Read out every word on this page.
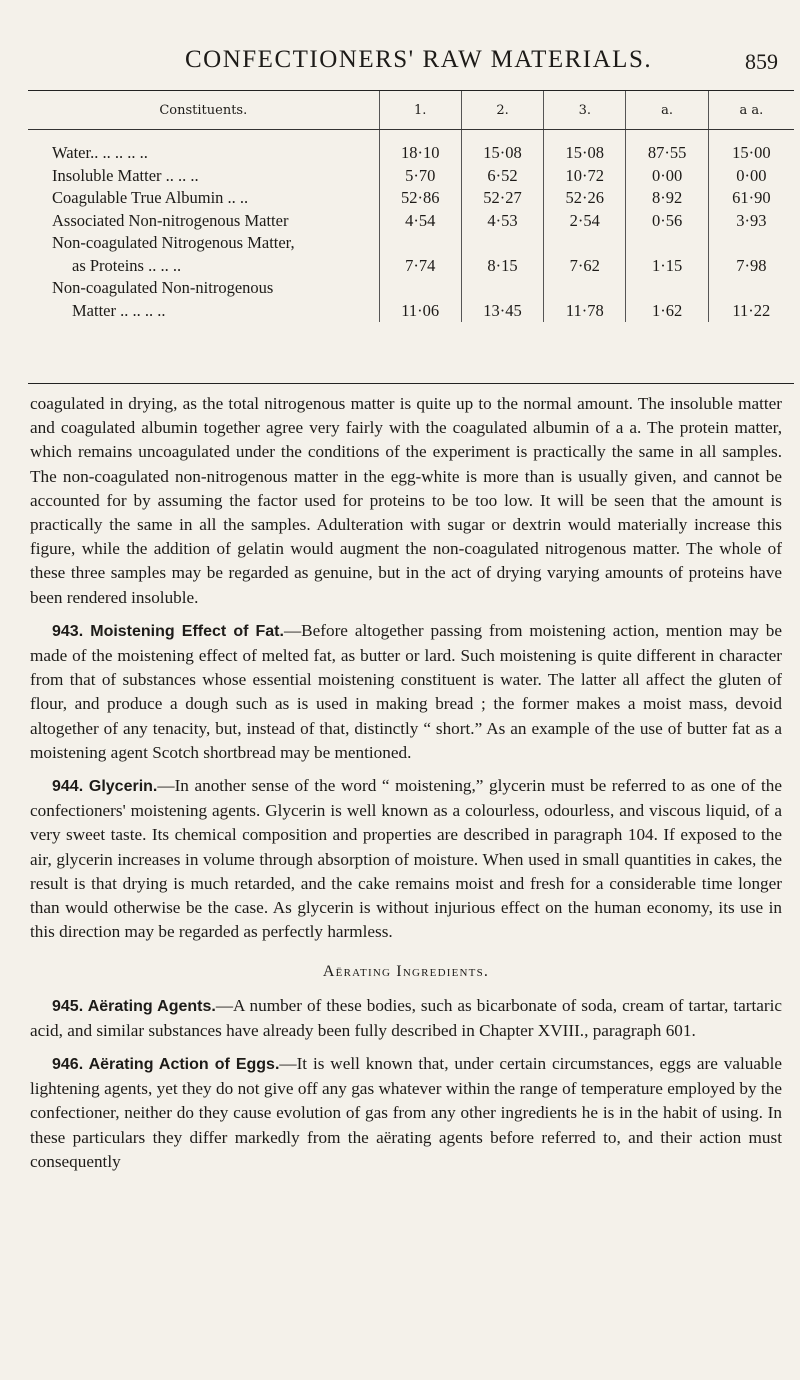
CONFECTIONERS' RAW MATERIALS.	859
Constituents.	1.	2.	3.	a.	a a.

Water.. .. .. .. ..	18·10	15·08	15·08	87·55	15·00

Insoluble Matter .. .. ..	5·70	6·52	10·72	0·00	0·00

Coagulable True Albumin .. ..	52·86	52·27	52·26	8·92	61·90

Associated Non-nitrogenous Matter	4·54	4·53	2·54	0·56	3·93

Non-coagulated Nitrogenous Matter,
as Proteins .. .. ..	7·74	8·15	7·62	1·15	7·98

Non-coagulated Non-nitrogenous
Matter .. .. .. ..	11·06	13·45	11·78	1·62	11·22

coagulated in drying, as the total nitrogenous matter is quite up to the normal amount. The insoluble matter and coagulated albumin together agree very fairly with the coagulated albumin of a a. The protein matter, which remains uncoagulated under the conditions of the experiment is practically the same in all samples. The non-coagulated non-nitrogenous matter in the egg-white is more than is usually given, and cannot be accounted for by assuming the factor used for proteins to be too low. It will be seen that the amount is practically the same in all the samples. Adulteration with sugar or dextrin would materially increase this figure, while the addition of gelatin would augment the non-coagulated nitrogenous matter. The whole of these three samples may be regarded as genuine, but in the act of drying varying amounts of proteins have been rendered insoluble.

943. Moistening Effect of Fat.—Before altogether passing from moistening action, mention may be made of the moistening effect of melted fat, as butter or lard. Such moistening is quite different in character from that of substances whose essential moistening constituent is water. The latter all affect the gluten of flour, and produce a dough such as is used in making bread ; the former makes a moist mass, devoid altogether of any tenacity, but, instead of that, distinctly “ short.” As an example of the use of butter fat as a moistening agent Scotch shortbread may be mentioned.

944. Glycerin.—In another sense of the word “ moistening,” glycerin must be referred to as one of the confectioners' moistening agents. Glycerin is well known as a colourless, odourless, and viscous liquid, of a very sweet taste. Its chemical composition and properties are described in paragraph 104. If exposed to the air, glycerin increases in volume through absorption of moisture. When used in small quantities in cakes, the result is that drying is much retarded, and the cake remains moist and fresh for a considerable time longer than would otherwise be the case. As glycerin is without injurious effect on the human economy, its use in this direction may be regarded as perfectly harmless.

Aërating Ingredients.

945. Aërating Agents.—A number of these bodies, such as bicarbonate of soda, cream of tartar, tartaric acid, and similar substances have already been fully described in Chapter XVIII., paragraph 601.

946. Aërating Action of Eggs.—It is well known that, under certain circumstances, eggs are valuable lightening agents, yet they do not give off any gas whatever within the range of temperature employed by the confectioner, neither do they cause evolution of gas from any other ingredients he is in the habit of using. In these particulars they differ markedly from the aërating agents before referred to, and their action must consequently
